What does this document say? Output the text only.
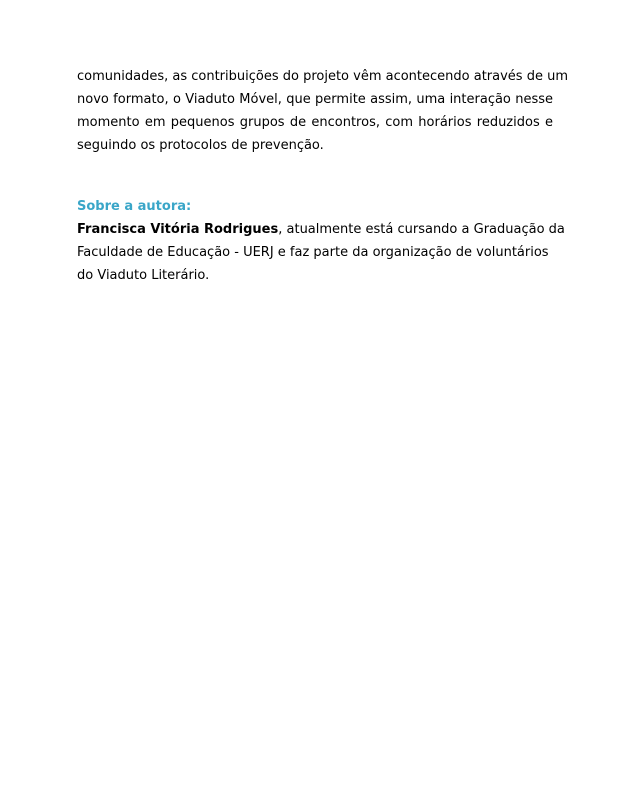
comunidades, as contribuições do projeto vêm acontecendo através de um
novo formato, o Viaduto Móvel, que permite assim, uma interação nesse
momento em pequenos grupos de encontros, com horários reduzidos e
seguindo os protocolos de prevenção.

Sobre a autora:

Francisca Vitória Rodrigues, atualmente está cursando a Graduação da
Faculdade de Educação - UERJ e faz parte da organização de voluntários
do Viaduto Literário.
